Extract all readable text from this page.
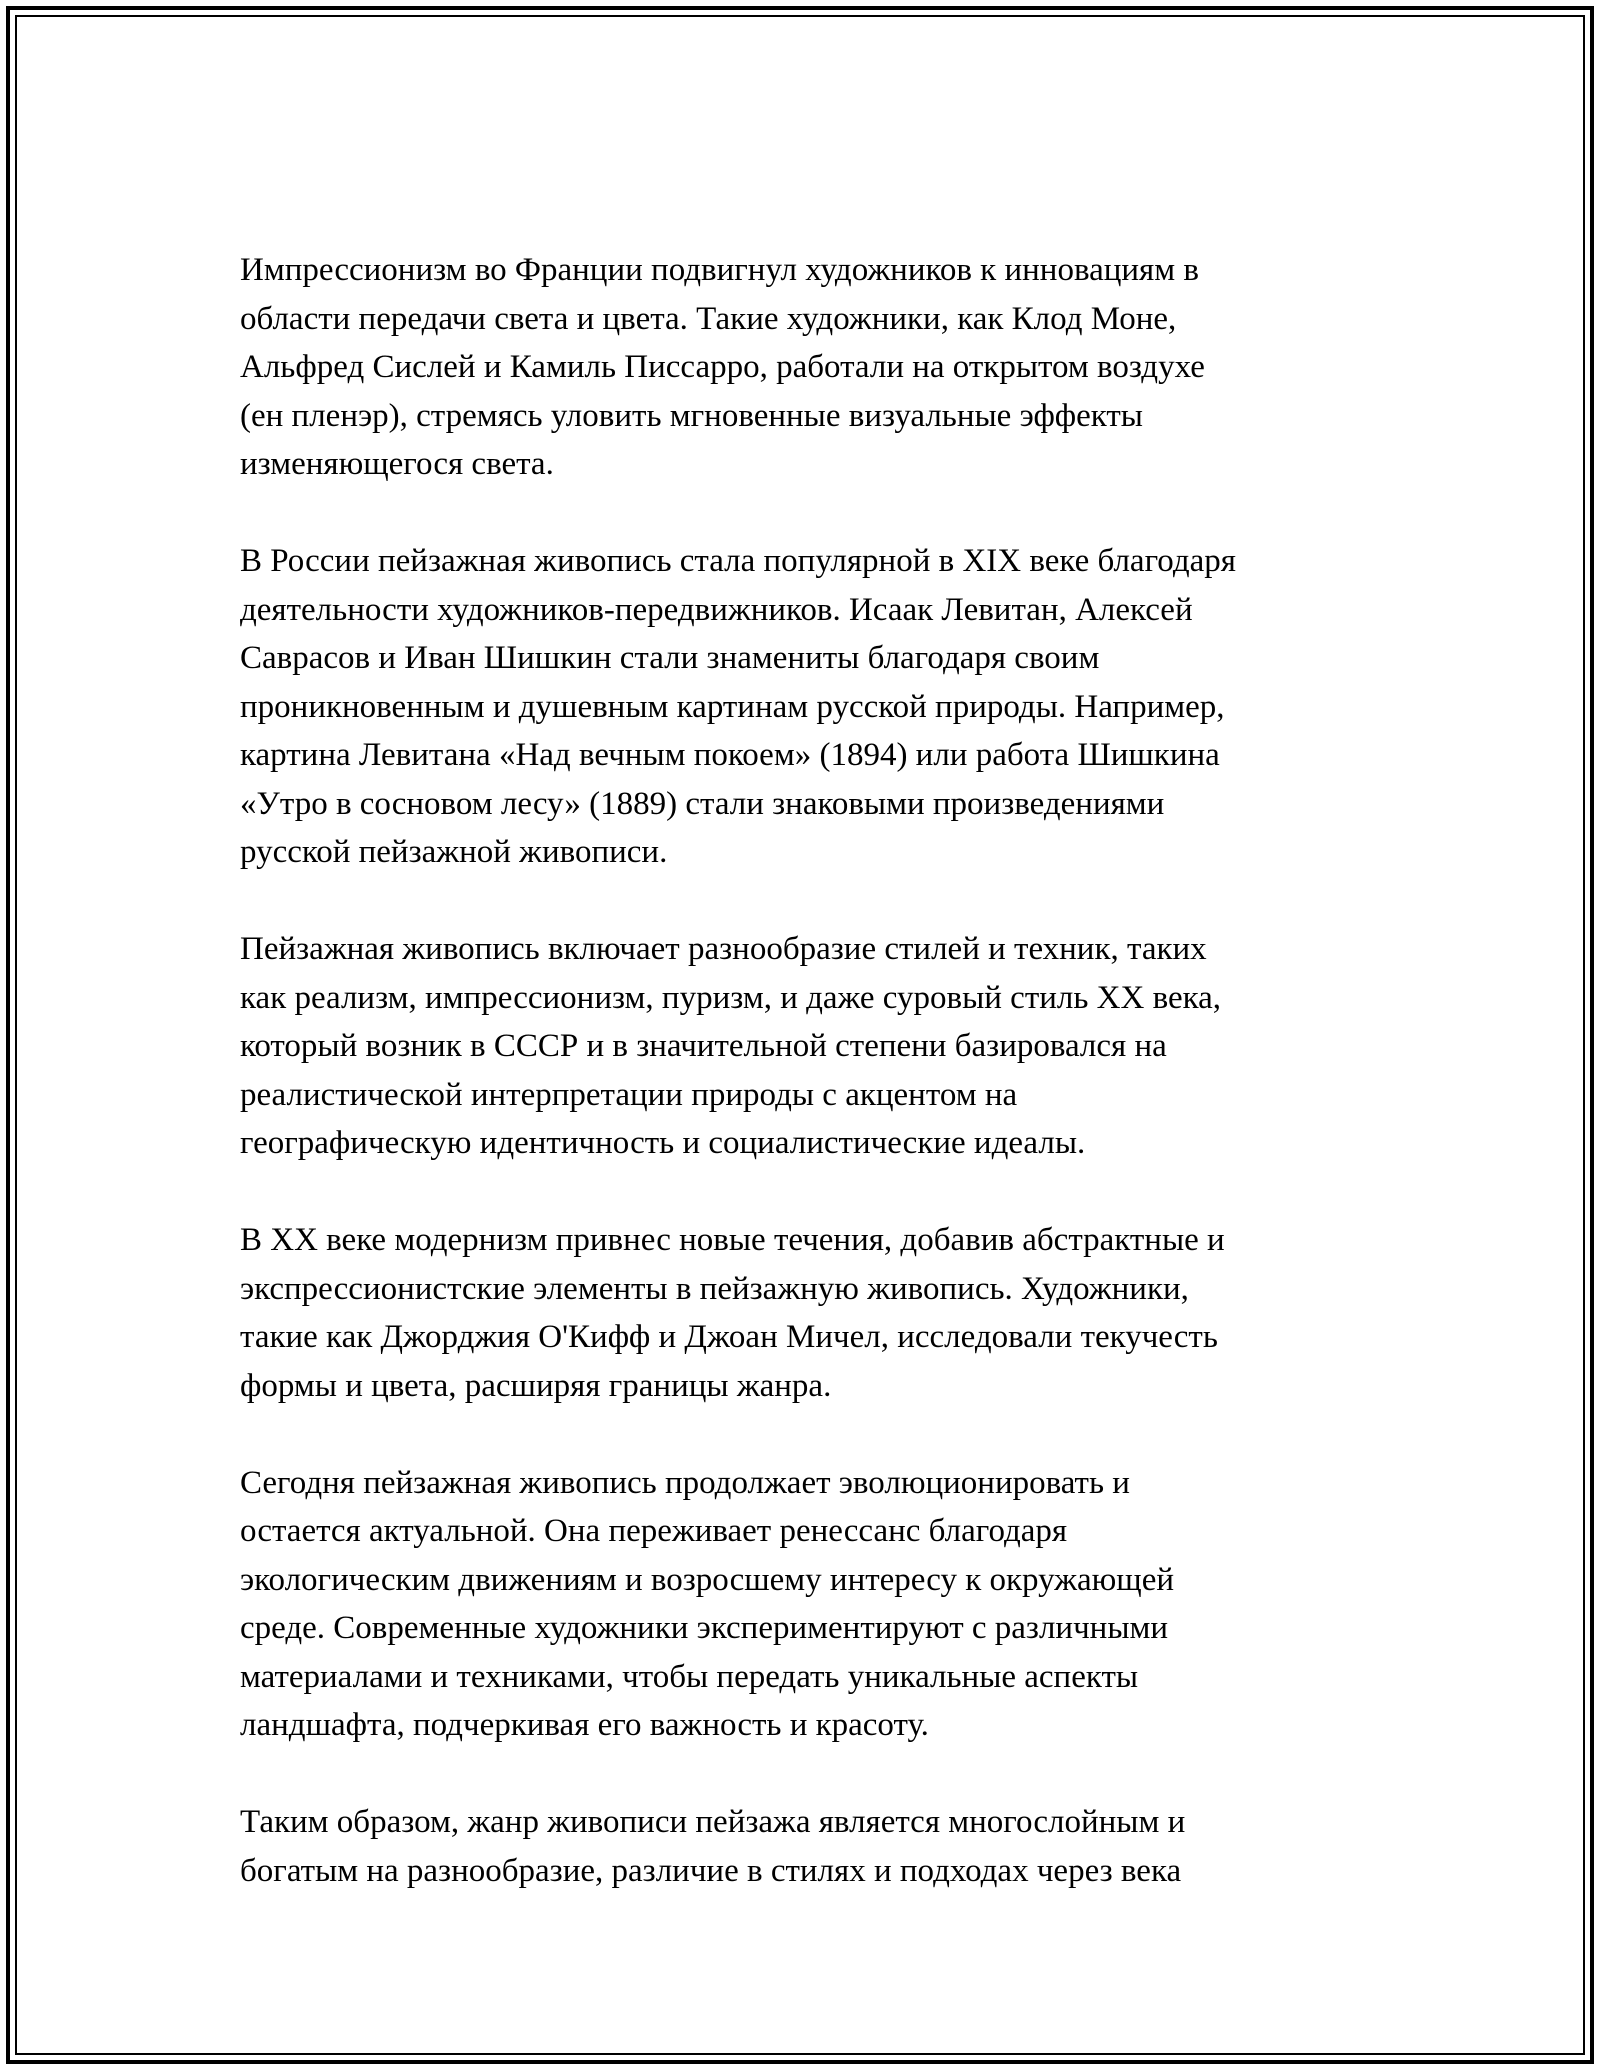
Импрессионизм во Франции подвигнул художников к инновациям в
области передачи света и цвета. Такие художники, как Клод Моне,
Альфред Сислей и Камиль Писсарро, работали на открытом воздухе
(ен пленэр), стремясь уловить мгновенные визуальные эффекты
изменяющегося света.

В России пейзажная живопись стала популярной в XIX веке благодаря
деятельности художников-передвижников. Исаак Левитан, Алексей
Саврасов и Иван Шишкин стали знамениты благодаря своим
проникновенным и душевным картинам русской природы. Например,
картина Левитана «Над вечным покоем» (1894) или работа Шишкина
«Утро в сосновом лесу» (1889) стали знаковыми произведениями
русской пейзажной живописи.

Пейзажная живопись включает разнообразие стилей и техник, таких
как реализм, импрессионизм, пуризм, и даже суровый стиль XX века,
который возник в СССР и в значительной степени базировался на
реалистической интерпретации природы с акцентом на
географическую идентичность и социалистические идеалы.

В XX веке модернизм привнес новые течения, добавив абстрактные и
экспрессионистские элементы в пейзажную живопись. Художники,
такие как Джорджия О'Кифф и Джоан Мичел, исследовали текучесть
формы и цвета, расширяя границы жанра.

Сегодня пейзажная живопись продолжает эволюционировать и
остается актуальной. Она переживает ренессанс благодаря
экологическим движениям и возросшему интересу к окружающей
среде. Современные художники экспериментируют с различными
материалами и техниками, чтобы передать уникальные аспекты
ландшафта, подчеркивая его важность и красоту.

Таким образом, жанр живописи пейзажа является многослойным и
богатым на разнообразие, различие в стилях и подходах через века
